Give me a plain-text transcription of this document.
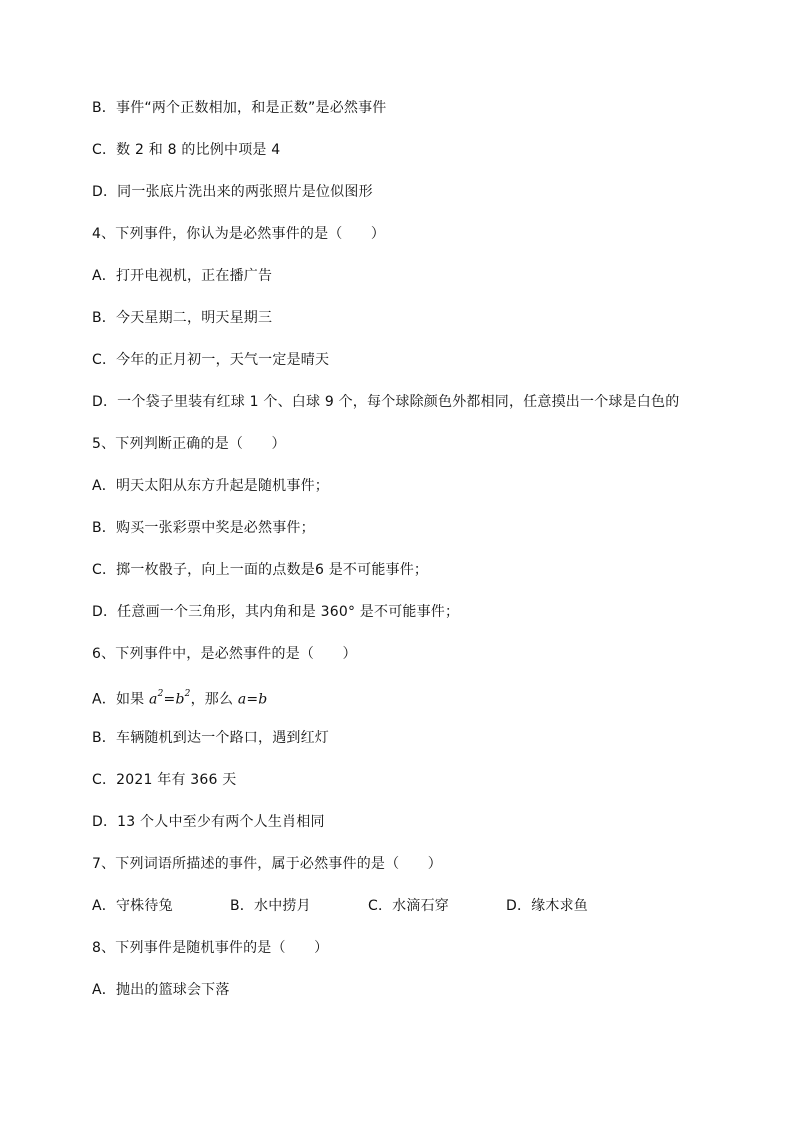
B．事件“两个正数相加，和是正数”是必然事件
C．数 2 和 8 的比例中项是 4
D．同一张底片洗出来的两张照片是位似图形
4、下列事件，你认为是必然事件的是（　　）
A．打开电视机，正在播广告
B．今天星期二，明天星期三
C．今年的正月初一，天气一定是晴天
D．一个袋子里装有红球 1 个、白球 9 个，每个球除颜色外都相同，任意摸出一个球是白色的
5、下列判断正确的是（　　）
A．明天太阳从东方升起是随机事件；
B．购买一张彩票中奖是必然事件；
C．掷一枚骰子，向上一面的点数是6 是不可能事件；
D．任意画一个三角形，其内角和是 360° 是不可能事件；
6、下列事件中，是必然事件的是（　　）
A．如果 $a^2=b^2$，那么 a=b
B．车辆随机到达一个路口，遇到红灯
C．2021 年有 366 天
D．13 个人中至少有两个人生肖相同
7、下列词语所描述的事件，属于必然事件的是（　　）
A．守株待兔	B．水中捞月	C．水滴石穿	D．缘木求鱼
8、下列事件是随机事件的是（　　）
A．抛出的篮球会下落
